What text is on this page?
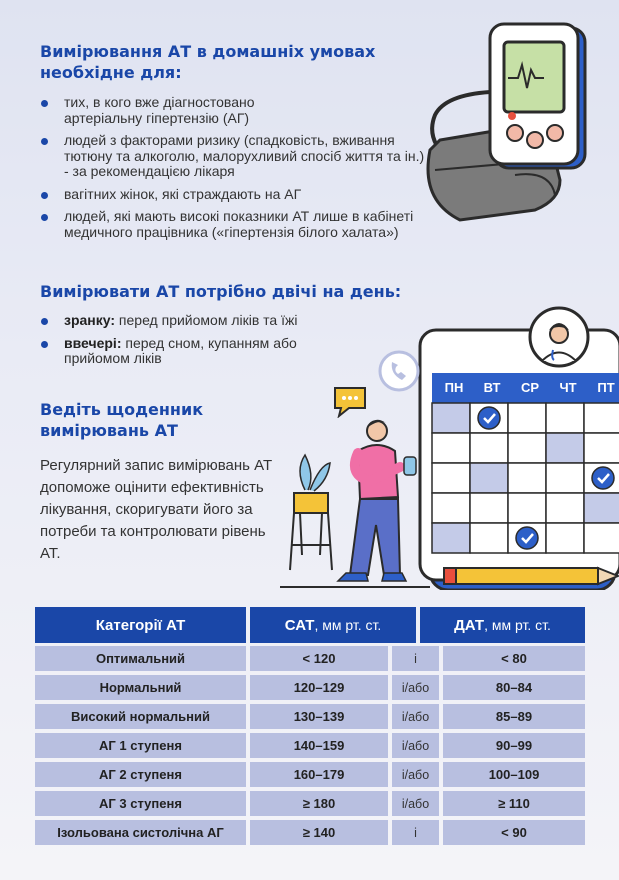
Вимірювання АТ в домашніх умовах
необхідне для:
тих, в кого вже діагностовано артеріальну гіпертензію (АГ)
людей з факторами ризику (спадковість, вживання тютюну та алкоголю, малорухливий спосіб життя та ін.) - за рекомендацією лікаря
вагітних жінок, які страждають на АГ
людей, які мають високі показники АТ лише в кабінеті медичного працівника («гіпертензія білого халата»)
Вимірювати АТ потрібно двічі на день:
зранку: перед прийомом ліків та їжі
ввечері: перед сном, купанням або прийомом ліків
Ведіть щоденник
вимірювань АТ
Регулярний запис вимірювань АТ допоможе оцінити ефективність лікування, скоригувати його за потреби та контролювати рівень АТ.
ПН	ВТ	СР	ЧТ	ПТ
Категорії АТ	САТ , мм рт. ст.	ДАТ , мм рт. ст.
Оптимальний	< 120	і	< 80
Нормальний	120–129	і/або	80–84
Високий нормальний	130–139	і/або	85–89
АГ 1 ступеня	140–159	і/або	90–99
АГ 2 ступеня	160–179	і/або	100–109
АГ 3 ступеня	≥ 180	і/або	≥ 110
Ізольована систолічна АГ	≥ 140	і	< 90
